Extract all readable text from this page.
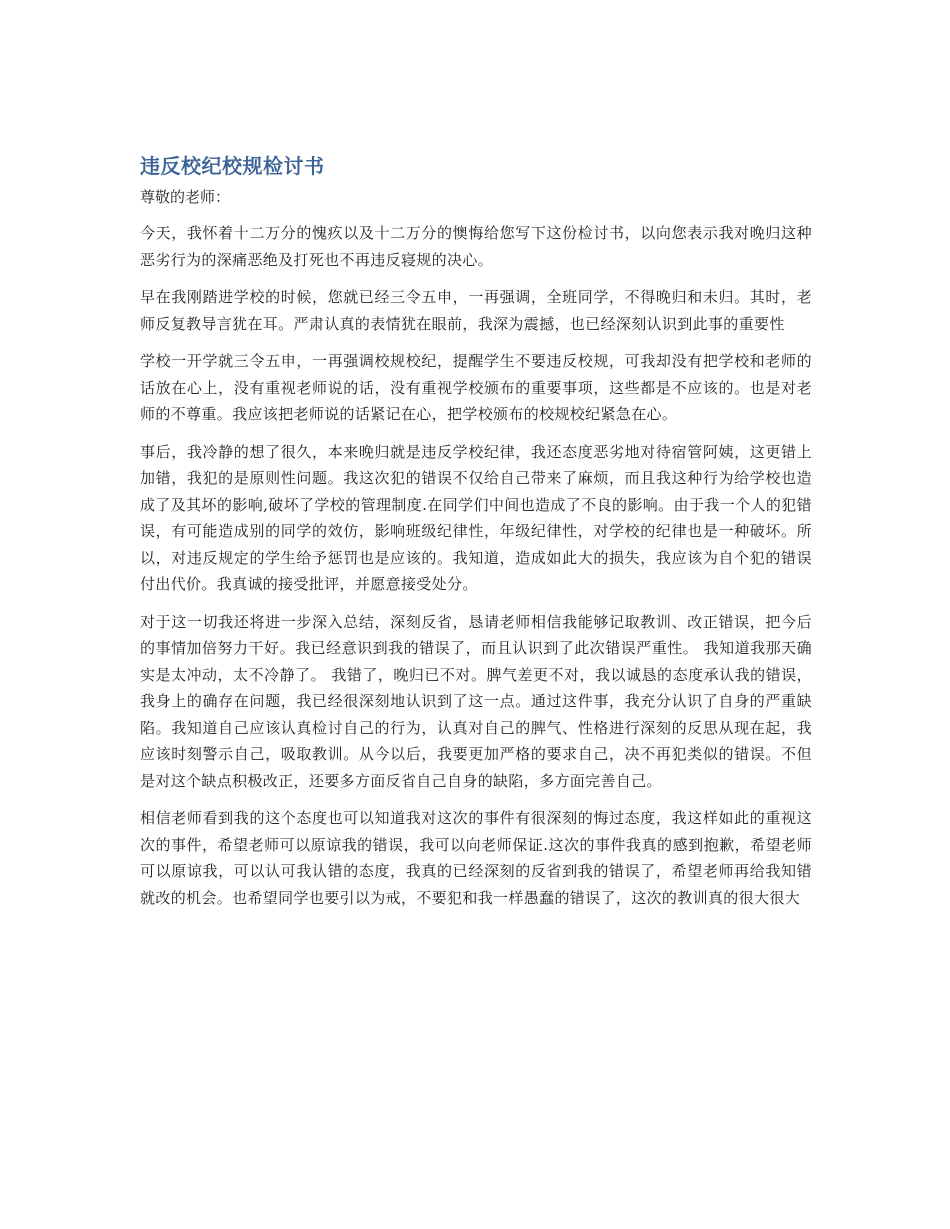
违反校纪校规检讨书

尊敬的老师：

今天，我怀着十二万分的愧疚以及十二万分的懊悔给您写下这份检讨书，以向您表示我对晚归这种恶劣行为的深痛恶绝及打死也不再违反寝规的决心。

早在我刚踏进学校的时候，您就已经三令五申，一再强调，全班同学，不得晚归和未归。其时，老师反复教导言犹在耳。严肃认真的表情犹在眼前，我深为震撼，也已经深刻认识到此事的重要性

学校一开学就三令五申，一再强调校规校纪，提醒学生不要违反校规，可我却没有把学校和老师的话放在心上，没有重视老师说的话，没有重视学校颁布的重要事项，这些都是不应该的。也是对老师的不尊重。我应该把老师说的话紧记在心，把学校颁布的校规校纪紧急在心。

事后，我冷静的想了很久，本来晚归就是违反学校纪律，我还态度恶劣地对待宿管阿姨，这更错上加错，我犯的是原则性问题。我这次犯的错误不仅给自己带来了麻烦，而且我这种行为给学校也造成了及其坏的影响,破坏了学校的管理制度.在同学们中间也造成了不良的影响。由于我一个人的犯错误，有可能造成别的同学的效仿，影响班级纪律性，年级纪律性，对学校的纪律也是一种破坏。所以，对违反规定的学生给予惩罚也是应该的。我知道，造成如此大的损失，我应该为自个犯的错误付出代价。我真诚的接受批评，并愿意接受处分。

对于这一切我还将进一步深入总结，深刻反省，恳请老师相信我能够记取教训、改正错误，把今后的事情加倍努力干好。我已经意识到我的错误了，而且认识到了此次错误严重性。 我知道我那天确实是太冲动，太不冷静了。 我错了，晚归已不对。脾气差更不对，我以诚恳的态度承认我的错误，我身上的确存在问题，我已经很深刻地认识到了这一点。通过这件事，我充分认识了自身的严重缺陷。我知道自己应该认真检讨自己的行为，认真对自己的脾气、性格进行深刻的反思从现在起，我应该时刻警示自己，吸取教训。从今以后，我要更加严格的要求自己，决不再犯类似的错误。不但是对这个缺点积极改正，还要多方面反省自己自身的缺陷，多方面完善自己。

相信老师看到我的这个态度也可以知道我对这次的事件有很深刻的悔过态度，我这样如此的重视这次的事件，希望老师可以原谅我的错误，我可以向老师保证.这次的事件我真的感到抱歉，希望老师可以原谅我，可以认可我认错的态度，我真的已经深刻的反省到我的错误了，希望老师再给我知错就改的机会。也希望同学也要引以为戒，不要犯和我一样愚蠢的错误了，这次的教训真的很大很大
